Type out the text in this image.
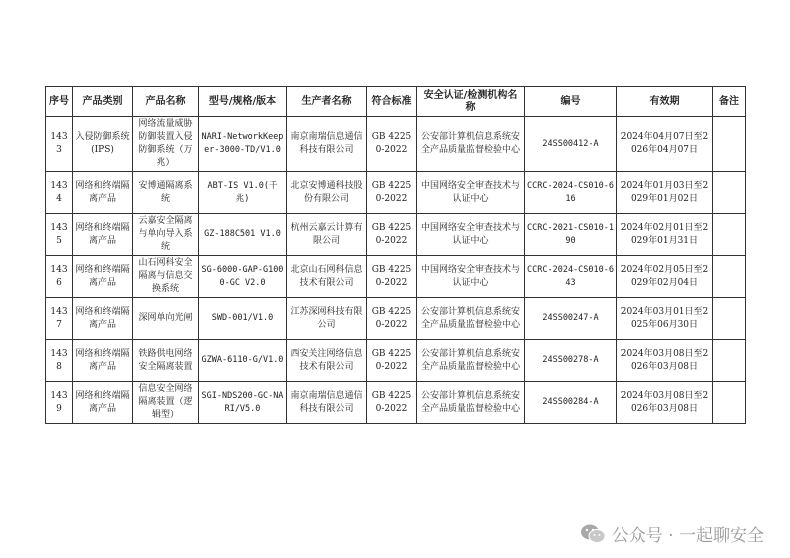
序号	产品类别	产品名称	型号/规格/版本	生产者名称	符合标准	安全认证/检测机构名称	编号	有效期	备注
1433	入侵防御系统(IPS)	网络流量威胁防御装置入侵防御系统（万兆）	NARI-NetworkKeeper-3000-TD/V1.0	南京南瑞信息通信科技有限公司	GB 42250-2022	公安部计算机信息系统安全产品质量监督检验中心	24SS00412-A	2024年04月07日至2026年04月07日	
1434	网络和终端隔离产品	安博通隔离系统	ABT-IS V1.0(千兆)	北京安博通科技股份有限公司	GB 42250-2022	中国网络安全审查技术与认证中心	CCRC-2024-CS010-616	2024年01月03日至2029年01月02日	
1435	网络和终端隔离产品	云嘉安全隔离与单向导入系统	GZ-188C501 V1.0	杭州云嘉云计算有限公司	GB 42250-2022	中国网络安全审查技术与认证中心	CCRC-2021-CS010-190	2024年02月01日至2029年01月31日	
1436	网络和终端隔离产品	山石网科安全隔离与信息交换系统	SG-6000-GAP-G1000-GC V2.0	北京山石网科信息技术有限公司	GB 42250-2022	中国网络安全审查技术与认证中心	CCRC-2024-CS010-643	2024年02月05日至2029年02月04日	
1437	网络和终端隔离产品	深网单向光闸	SWD-001/V1.0	江苏深网科技有限公司	GB 42250-2022	公安部计算机信息系统安全产品质量监督检验中心	24SS00247-A	2024年03月01日至2025年06月30日	
1438	网络和终端隔离产品	铁路供电网络安全隔离装置	GZWA-6110-G/V1.0	西安关注网络信息技术有限公司	GB 42250-2022	公安部计算机信息系统安全产品质量监督检验中心	24SS00278-A	2024年03月08日至2026年03月08日	
1439	网络和终端隔离产品	信息安全网络隔离装置（逻辑型）	SGI-NDS200-GC-NARI/V5.0	南京南瑞信息通信科技有限公司	GB 42250-2022	公安部计算机信息系统安全产品质量监督检验中心	24SS00284-A	2024年03月08日至2026年03月08日	
公众号 · 一起聊安全
